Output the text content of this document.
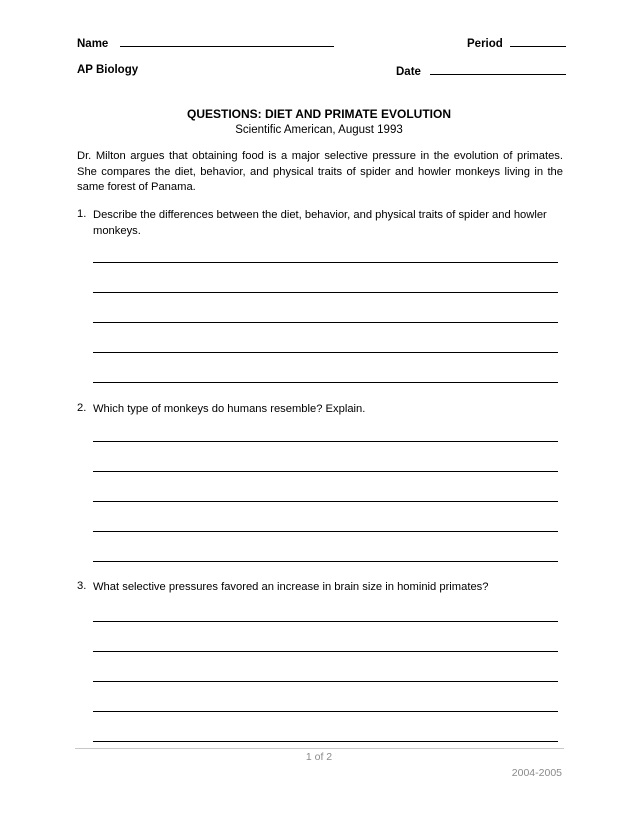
Name	Period
AP Biology	Date
QUESTIONS: DIET AND PRIMATE EVOLUTION
Scientific American, August 1993
Dr. Milton argues that obtaining food is a major selective pressure in the evolution of primates. She compares the diet, behavior, and physical traits of spider and howler monkeys living in the same forest of Panama.
1. Describe the differences between the diet, behavior, and physical traits of spider and howler monkeys.
2. Which type of monkeys do humans resemble? Explain.
3. What selective pressures favored an increase in brain size in hominid primates?
1 of 2
2004-2005
